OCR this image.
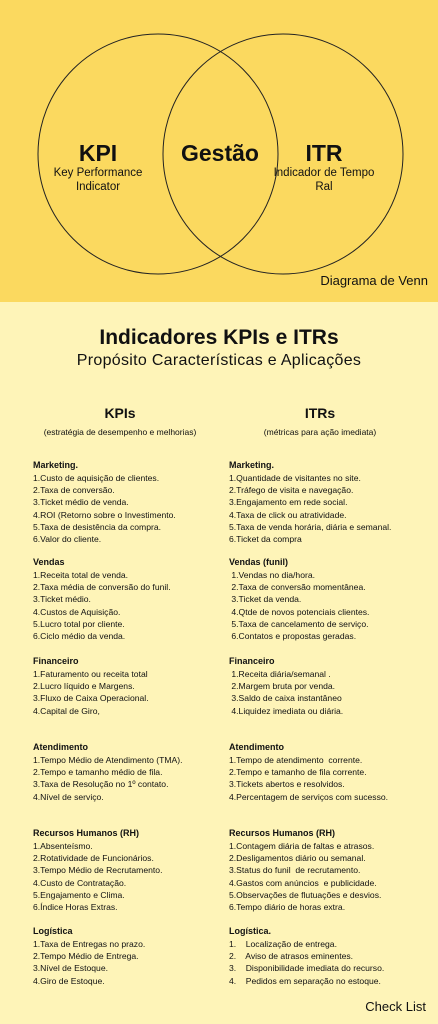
KPI
Key Performance
Indicator
Gestão	ITR
Indicador de Tempo
Ral
Diagrama de Venn
Indicadores KPIs e ITRs
Propósito Características e Aplicações
KPIs
(estratégia de desempenho e melhorias)
ITRs
(métricas para ação imediata)
Marketing.
1.Custo de aquisição de clientes.
2.Taxa de conversão.
3.Ticket médio de venda.
4.ROI (Retorno sobre o Investimento.
5.Taxa de desistência da compra.
6.Valor do cliente.
Vendas
1.Receita total de venda.
2.Taxa média de conversão do funil.
3.Ticket médio.
4.Custos de Aquisição.
5.Lucro total por cliente.
6.Ciclo médio da venda.
Financeiro
1.Faturamento ou receita total
2.Lucro líquido e Margens.
3.Fluxo de Caixa Operacional.
4.Capital de Giro,
Atendimento
1.Tempo Médio de Atendimento (TMA).
2.Tempo e tamanho médio de fila.
3.Taxa de Resolução no 1º contato.
4.Nível de serviço.
Recursos Humanos (RH)
1.Absenteísmo.
2.Rotatividade de Funcionários.
3.Tempo Médio de Recrutamento.
4.Custo de Contratação.
5.Engajamento e Clima.
6.Índice Horas Extras.
Logística
1.Taxa de Entregas no prazo.
2.Tempo Médio de Entrega.
3.Nível de Estoque.
4.Giro de Estoque.
Marketing.
1.Quantidade de visitantes no site.
2.Tráfego de visita e navegação.
3.Engajamento em rede social.
4.Taxa de click ou atratividade.
5.Taxa de venda horária, diária e semanal.
6.Ticket da compra
Vendas (funil)
1.Vendas no dia/hora.
2.Taxa de conversão momentânea.
3.Ticket da venda.
4.Qtde de novos potenciais clientes.
5.Taxa de cancelamento de serviço.
6.Contatos e propostas geradas.
Financeiro
1.Receita diária/semanal .
2.Margem bruta por venda.
3.Saldo de caixa instantâneo
4.Liquidez imediata ou diária.
Atendimento
1.Tempo de atendimento  corrente.
2.Tempo e tamanho de fila corrente.
3.Tickets abertos e resolvidos.
4.Percentagem de serviços com sucesso.
Recursos Humanos (RH)
1.Contagem diária de faltas e atrasos.
2.Desligamentos diário ou semanal.
3.Status do funil  de recrutamento.
4.Gastos com anúncios  e publicidade.
5.Observações de flutuações e desvios.
6.Tempo diário de horas extra.
Logística.
1.    Localização de entrega.
2.    Aviso de atrasos eminentes.
3.    Disponibilidade imediata do recurso.
4.    Pedidos em separação no estoque.
Check List
